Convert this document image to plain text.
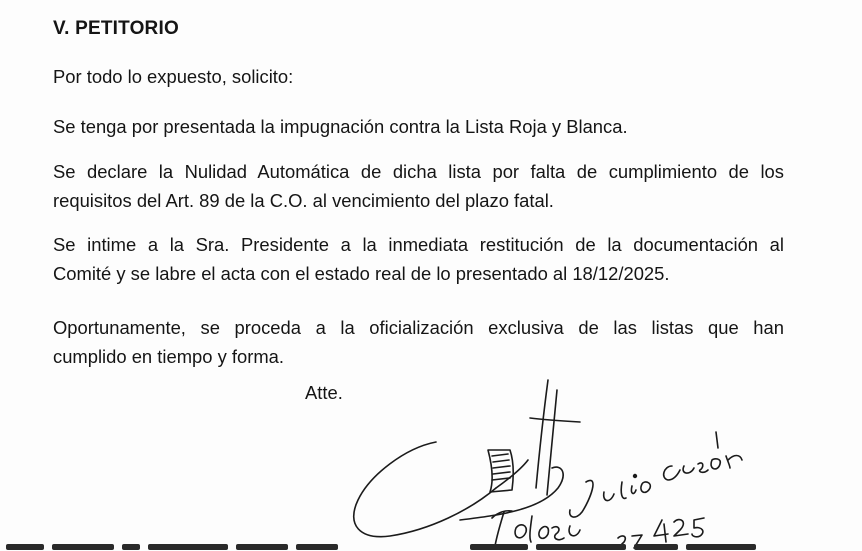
V. PETITORIO
Por todo lo expuesto, solicito:
Se tenga por presentada la impugnación contra la Lista Roja y Blanca.
Se declare la Nulidad Automática de dicha lista por falta de cumplimiento de los
requisitos del Art. 89 de la C.O. al vencimiento del plazo fatal.
Se intime a la Sra. Presidente a la inmediata restitución de la documentación al
Comité y se labre el acta con el estado real de lo presentado al 18/12/2025.
Oportunamente, se proceda a la oficialización exclusiva de las listas que han
cumplido en tiempo y forma.
Atte.
